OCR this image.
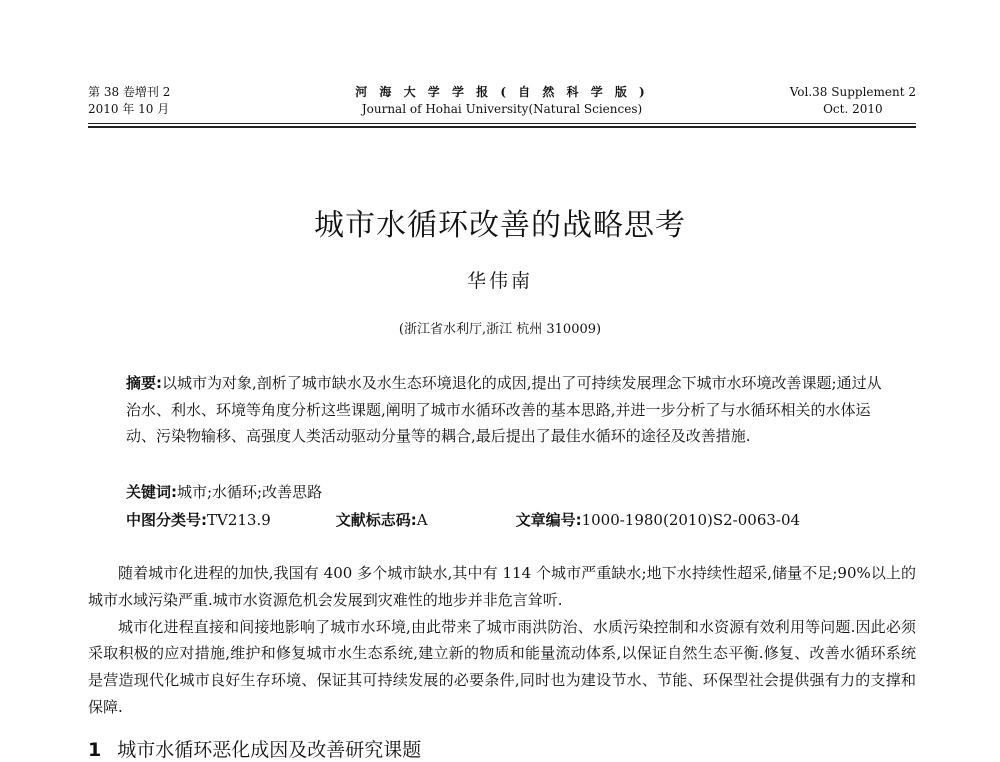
第 38 卷增刊 2
2010 年 10 月
河 海 大 学 学 报 ( 自 然 科 学 版 )
Journal of Hohai University(Natural Sciences)
Vol.38 Supplement 2
Oct. 2010
城市水循环改善的战略思考
华伟南
(浙江省水利厅,浙江 杭州 310009)
摘要:以城市为对象,剖析了城市缺水及水生态环境退化的成因,提出了可持续发展理念下城市水环境改善课题;通过从治水、利水、环境等角度分析这些课题,阐明了城市水循环改善的基本思路,并进一步分析了与水循环相关的水体运动、污染物输移、高强度人类活动驱动分量等的耦合,最后提出了最佳水循环的途径及改善措施.
关键词:城市;水循环;改善思路
中图分类号:TV213.9	文献标志码:A	文章编号:1000-1980(2010)S2-0063-04

随着城市化进程的加快,我国有 400 多个城市缺水,其中有 114 个城市严重缺水;地下水持续性超采,储量不足;90%以上的城市水域污染严重.城市水资源危机会发展到灾难性的地步并非危言耸听.

城市化进程直接和间接地影响了城市水环境,由此带来了城市雨洪防治、水质污染控制和水资源有效利用等问题.因此必须采取积极的应对措施,维护和修复城市水生态系统,建立新的物质和能量流动体系,以保证自然生态平衡.修复、改善水循环系统是营造现代化城市良好生存环境、保证其可持续发展的必要条件,同时也为建设节水、节能、环保型社会提供强有力的支撑和保障.

1 城市水循环恶化成因及改善研究课题
